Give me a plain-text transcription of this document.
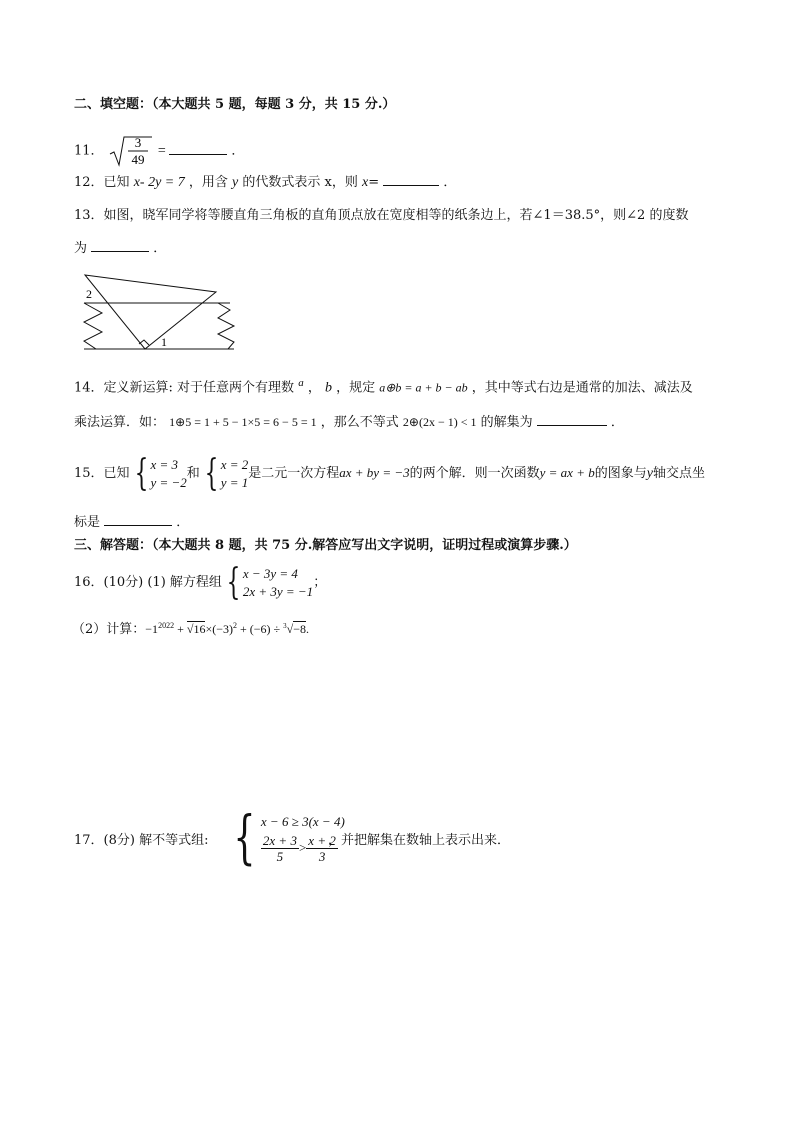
二、填空题：（本大题共 5 题，每题 3 分，共 15 分.）
11．
3
49
=	．
12．已知 x- 2y = 7 ，用含 y 的代数式表示 x，则 x=	．
13．如图，晓军同学将等腰直角三角板的直角顶点放在宽度相等的纸条边上，若∠1＝38.5°，则∠2 的度数
为	．
2
1
14．定义新运算: 对于任意两个有理数 $^a$ ， b ，规定 a⊕b = a + b − ab ，其中等式右边是通常的加法、减法及
乘法运算．如： 1⊕5 = 1 + 5 − 1×5 = 6 − 5 = 1 ，那么不等式 2⊕(2x − 1) < 1 的解集为	．
15．已知 { x = 3
y = −2
和 { x = 2
y = 1
是二元一次方程ax + by = −3的两个解．则一次函数y = ax + b的图象与y轴交点坐
标是	．
三、解答题：（本大题共 8 题，共 75 分.解答应写出文字说明，证明过程或演算步骤.）
16．(10分) (1) 解方程组 { x − 3y = 4
2x + 3y = −1
；
（2）计算：$-1^{2022} + √16\times(-3)^2 + (-6) \div ^3√-8$.
17．(8分) 解不等式组: { x − 6 ≥ 3(x − 4)
$\frac{2x + 3}{5} > \frac{x + 2}{3}$
，并把解集在数轴上表示出来．
